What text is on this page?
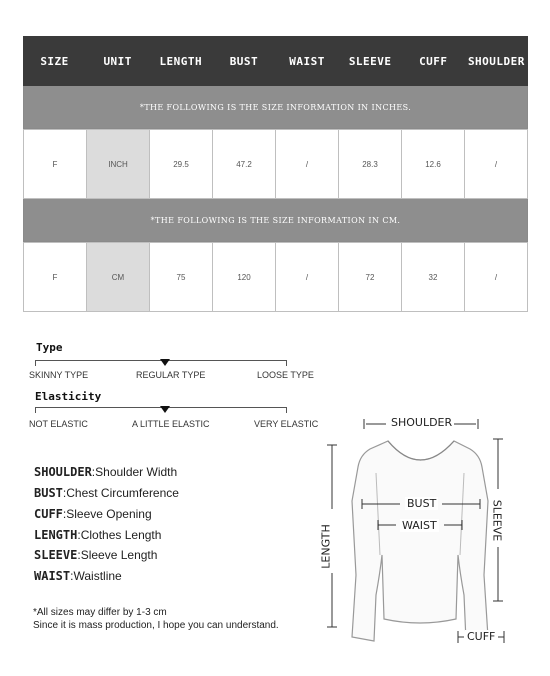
SIZE	UNIT	LENGTH	BUST	WAIST	SLEEVE	CUFF	SHOULDER
*THE FOLLOWING IS THE SIZE INFORMATION IN INCHES.
F	INCH	29.5	47.2	/	28.3	12.6	/
*THE FOLLOWING IS THE SIZE INFORMATION IN CM.
F	CM	75	120	/	72	32	/
Type
SKINNY TYPE	REGULAR TYPE	LOOSE TYPE
Elasticity
NOT ELASTIC	A LITTLE ELASTIC	VERY ELASTIC
SHOULDER:Shoulder Width
BUST:Chest Circumference
CUFF:Sleeve Opening
LENGTH:Clothes Length
SLEEVE:Sleeve Length
WAIST:Waistline
*All sizes may differ by 1-3 cm
Since it is mass production, I hope you can understand.
SHOULDER
BUST
WAIST
LENGTH
SLEEVE
CUFF
